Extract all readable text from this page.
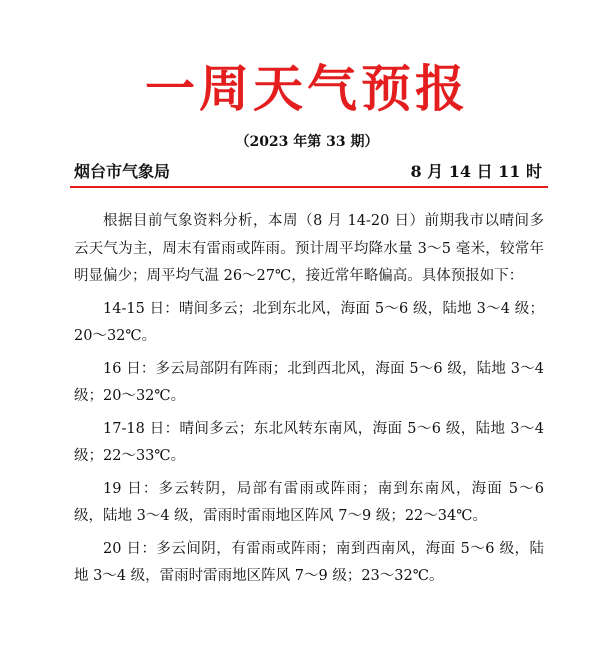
一周天气预报
（2023 年第 33 期）
烟台市气象局	8 月 14 日 11 时

根据目前气象资料分析，本周（8 月 14-20 日）前期我市以晴间多云天气为主，周末有雷雨或阵雨。预计周平均降水量 3～5 毫米，较常年明显偏少；周平均气温 26～27℃，接近常年略偏高。具体预报如下：

14-15 日：晴间多云；北到东北风，海面 5～6 级，陆地 3～4 级；20～32℃。

16 日：多云局部阴有阵雨；北到西北风，海面 5～6 级，陆地 3～4 级；20～32℃。

17-18 日：晴间多云；东北风转东南风，海面 5～6 级，陆地 3～4 级；22～33℃。

19 日：多云转阴，局部有雷雨或阵雨；南到东南风，海面 5～6 级，陆地 3～4 级，雷雨时雷雨地区阵风 7～9 级；22～34℃。

20 日：多云间阴，有雷雨或阵雨；南到西南风，海面 5～6 级，陆地 3～4 级，雷雨时雷雨地区阵风 7～9 级；23～32℃。
